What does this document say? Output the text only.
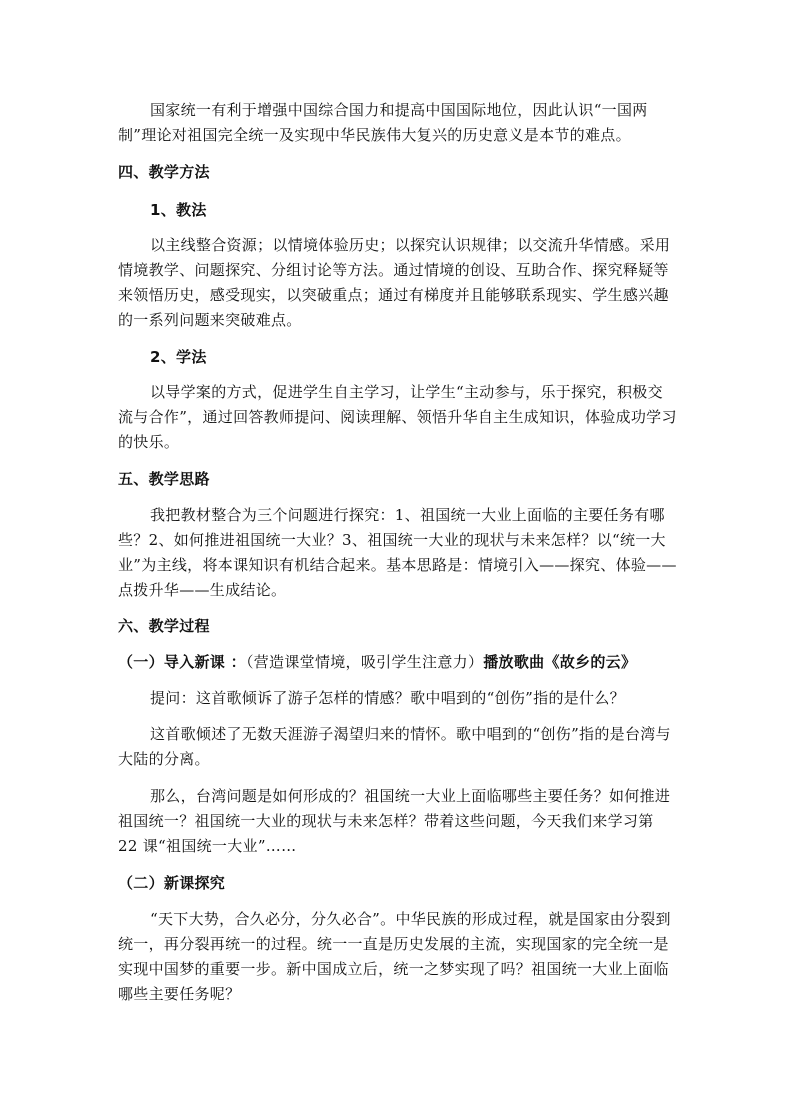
国家统一有利于增强中国综合国力和提高中国国际地位，因此认识“一国两制”理论对祖国完全统一及实现中华民族伟大复兴的历史意义是本节的难点。
四、教学方法
1、教法
以主线整合资源；以情境体验历史；以探究认识规律；以交流升华情感。采用情境教学、问题探究、分组讨论等方法。通过情境的创设、互助合作、探究释疑等来领悟历史，感受现实，以突破重点；通过有梯度并且能够联系现实、学生感兴趣的一系列问题来突破难点。
2、学法
以导学案的方式，促进学生自主学习，让学生“主动参与，乐于探究，积极交流与合作”，通过回答教师提问、阅读理解、领悟升华自主生成知识，体验成功学习的快乐。
五、教学思路
我把教材整合为三个问题进行探究：1、祖国统一大业上面临的主要任务有哪些？2、如何推进祖国统一大业？3、祖国统一大业的现状与未来怎样？以“统一大业”为主线，将本课知识有机结合起来。基本思路是：情境引入——探究、体验——点拨升华——生成结论。
六、教学过程
（一）导入新课 ：（营造课堂情境，吸引学生注意力）播放歌曲《故乡的云》
提问：这首歌倾诉了游子怎样的情感？歌中唱到的“创伤”指的是什么？
这首歌倾述了无数天涯游子渴望归来的情怀。歌中唱到的“创伤”指的是台湾与大陆的分离。
那么，台湾问题是如何形成的？祖国统一大业上面临哪些主要任务？如何推进祖国统一？祖国统一大业的现状与未来怎样？带着这些问题，今天我们来学习第 22 课“祖国统一大业”……
（二）新课探究
“天下大势，合久必分，分久必合”。中华民族的形成过程，就是国家由分裂到统一，再分裂再统一的过程。统一一直是历史发展的主流，实现国家的完全统一是实现中国梦的重要一步。新中国成立后，统一之梦实现了吗？祖国统一大业上面临哪些主要任务呢？
